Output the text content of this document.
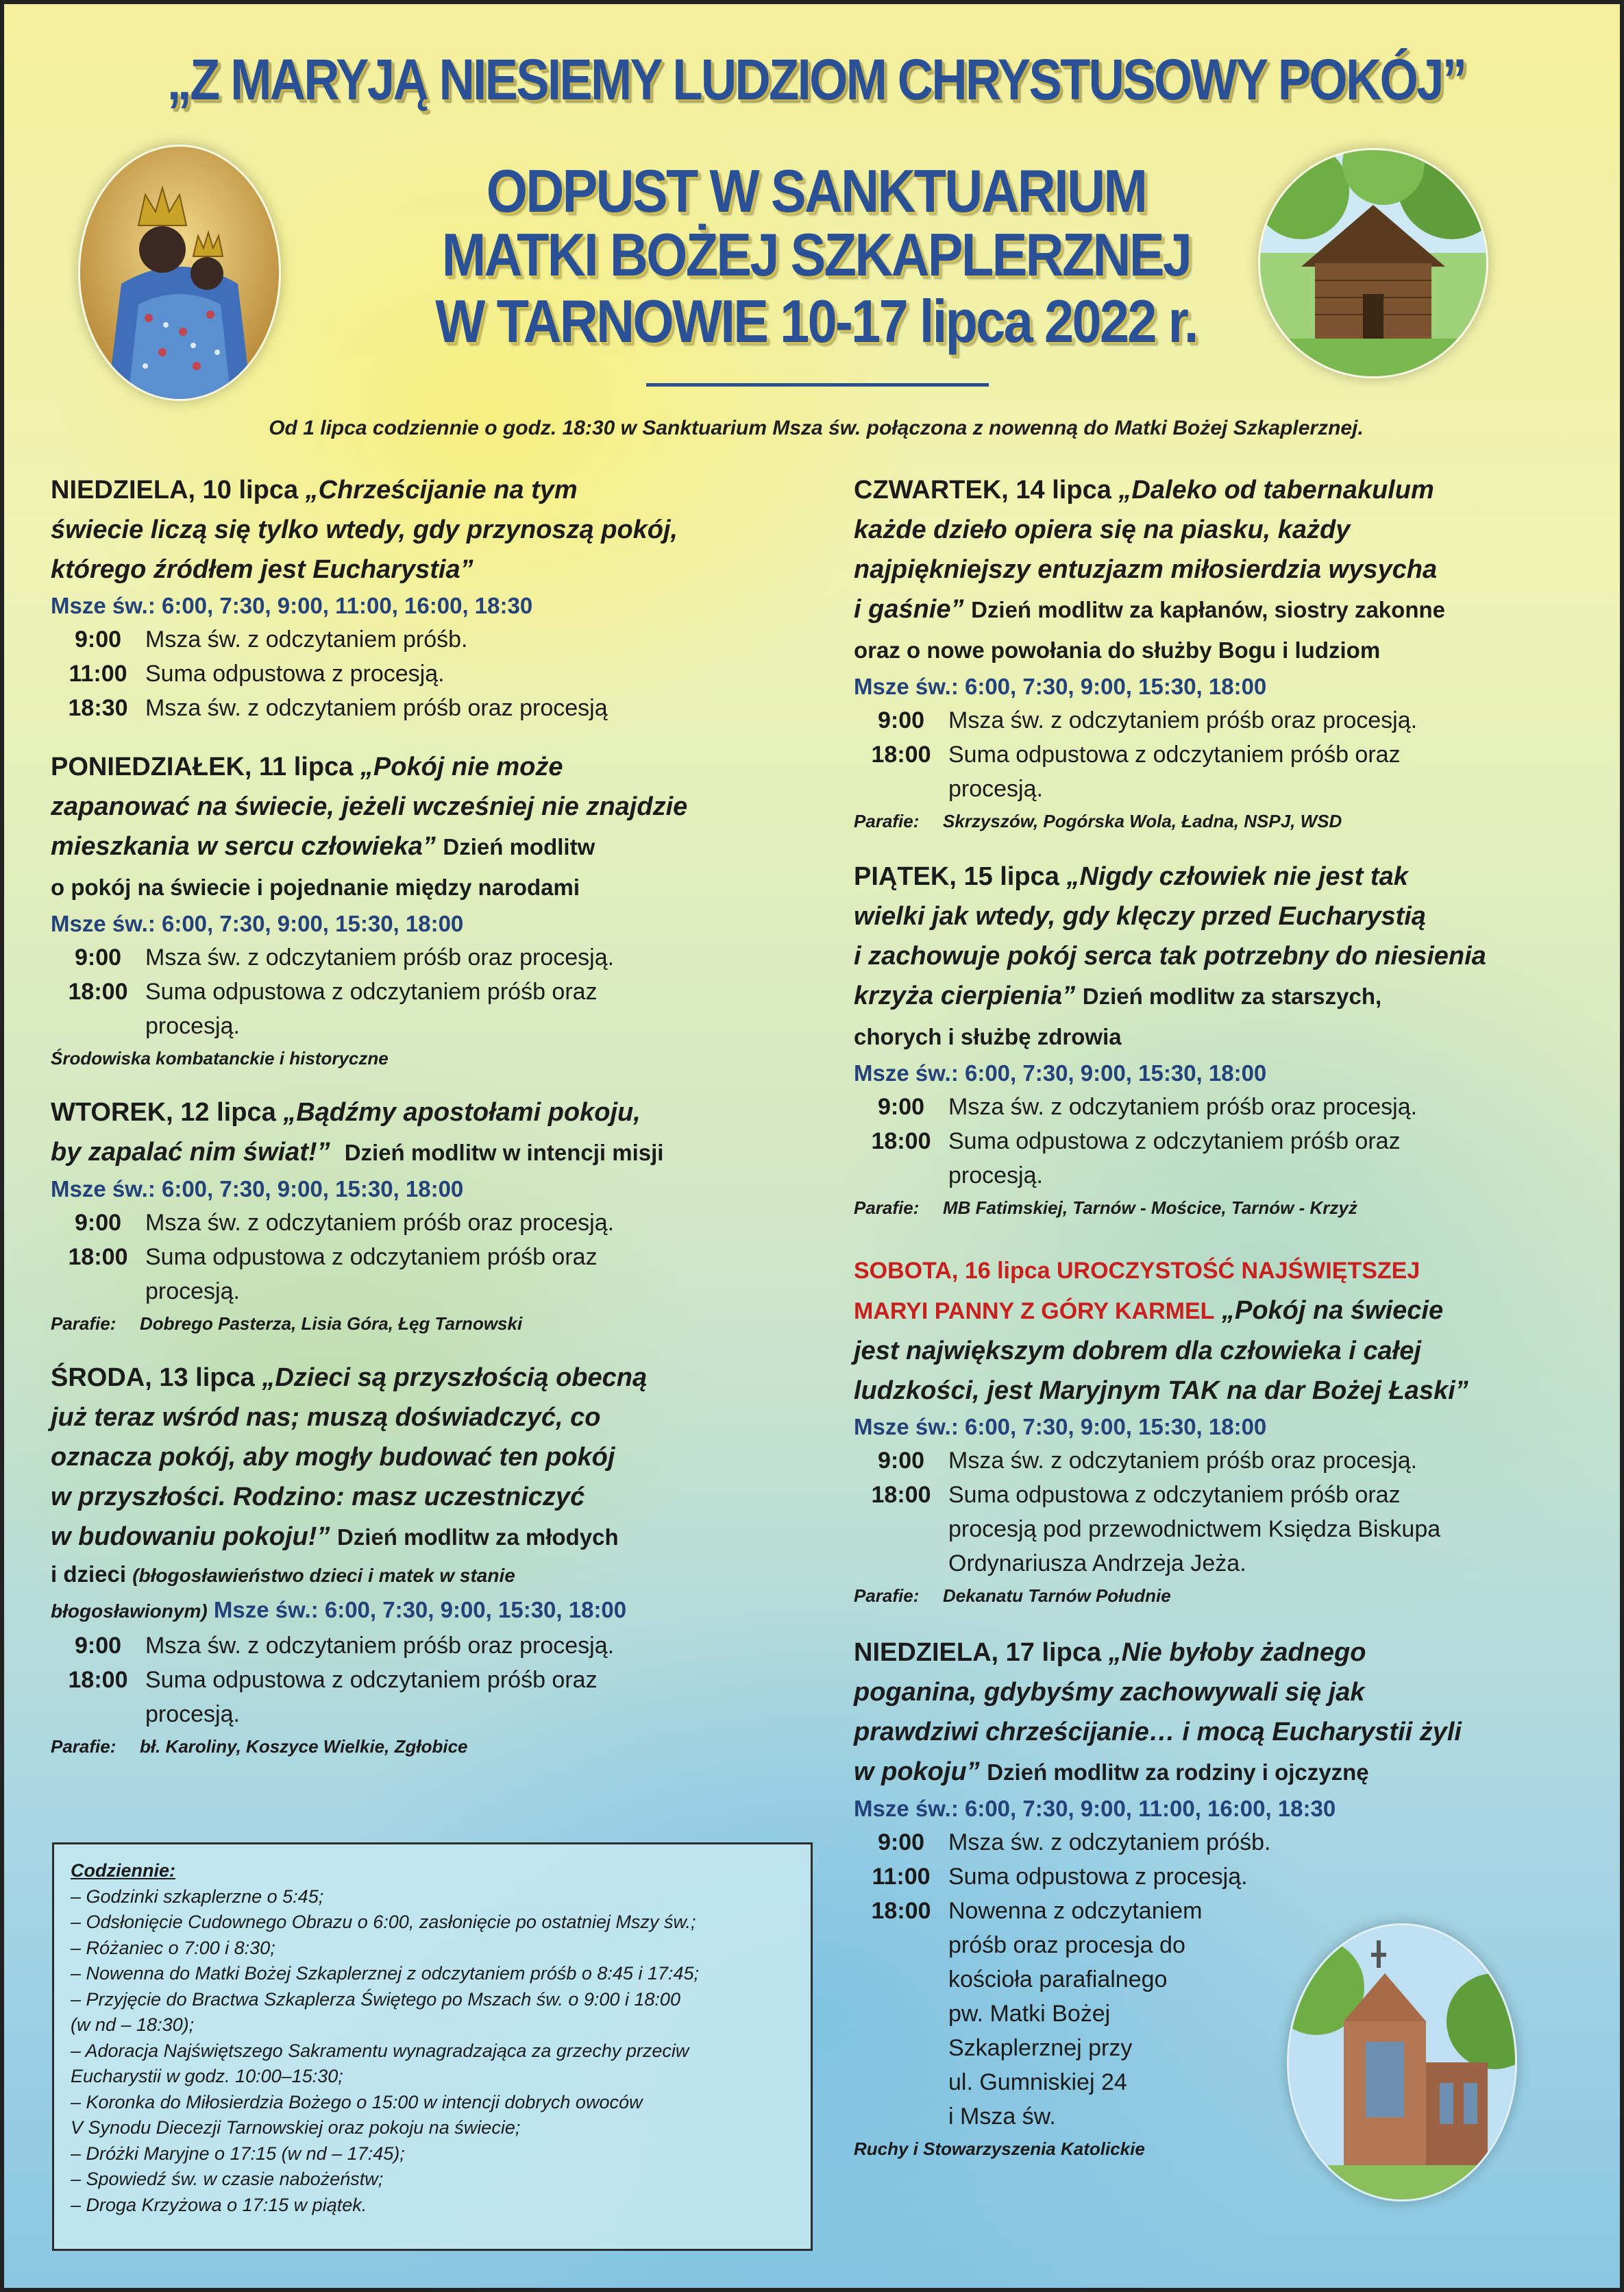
„Z MARYJĄ NIESIEMY LUDZIOM CHRYSTUSOWY POKÓJ”
ODPUST W SANKTUARIUM
MATKI BOŻEJ SZKAPLERZNEJ
W TARNOWIE 10-17 lipca 2022 r.
Od 1 lipca codziennie o godz. 18:30 w Sanktuarium Msza św. połączona z nowenną do Matki Bożej Szkaplerznej.
NIEDZIELA, 10 lipca „Chrześcijanie na tym
świecie liczą się tylko wtedy, gdy przynoszą pokój,
którego źródłem jest Eucharystia”
Msze św.: 6:00, 7:30, 9:00, 11:00, 16:00, 18:30
9:00	Msza św. z odczytaniem próśb.
11:00 Suma odpustowa z procesją.
18:30 Msza św. z odczytaniem próśb oraz procesją
PONIEDZIAŁEK, 11 lipca „Pokój nie może
zapanować na świecie, jeżeli wcześniej nie znajdzie
mieszkania w sercu człowieka” Dzień modlitw
o pokój na świecie i pojednanie między narodami
Msze św.: 6:00, 7:30, 9:00, 15:30, 18:00
9:00	Msza św. z odczytaniem próśb oraz procesją.
18:00 Suma odpustowa z odczytaniem próśb oraz
procesją.
Środowiska kombatanckie i historyczne
WTOREK, 12 lipca „Bądźmy apostołami pokoju,
by zapalać nim świat!” Dzień modlitw w intencji misji
Msze św.: 6:00, 7:30, 9:00, 15:30, 18:00
9:00	Msza św. z odczytaniem próśb oraz procesją.
18:00 Suma odpustowa z odczytaniem próśb oraz
procesją.
Parafie: Dobrego Pasterza, Lisia Góra, Łęg Tarnowski
ŚRODA, 13 lipca „Dzieci są przyszłością obecną
już teraz wśród nas; muszą doświadczyć, co
oznacza pokój, aby mogły budować ten pokój
w przyszłości. Rodzino: masz uczestniczyć
w budowaniu pokoju!” Dzień modlitw za młodych
i dzieci (błogosławieństwo dzieci i matek w stanie
błogosławionym) Msze św.: 6:00, 7:30, 9:00, 15:30, 18:00
9:00	Msza św. z odczytaniem próśb oraz procesją.
18:00 Suma odpustowa z odczytaniem próśb oraz
procesją.
Parafie: bł. Karoliny, Koszyce Wielkie, Zgłobice
CZWARTEK, 14 lipca „Daleko od tabernakulum
każde dzieło opiera się na piasku, każdy
najpiękniejszy entuzjazm miłosierdzia wysycha
i gaśnie” Dzień modlitw za kapłanów, siostry zakonne
oraz o nowe powołania do służby Bogu i ludziom
Msze św.: 6:00, 7:30, 9:00, 15:30, 18:00
9:00	Msza św. z odczytaniem próśb oraz procesją.
18:00 Suma odpustowa z odczytaniem próśb oraz
procesją.
Parafie: Skrzyszów, Pogórska Wola, Ładna, NSPJ, WSD
PIĄTEK, 15 lipca „Nigdy człowiek nie jest tak
wielki jak wtedy, gdy klęczy przed Eucharystią
i zachowuje pokój serca tak potrzebny do niesienia
krzyża cierpienia” Dzień modlitw za starszych,
chorych i służbę zdrowia
Msze św.: 6:00, 7:30, 9:00, 15:30, 18:00
9:00	Msza św. z odczytaniem próśb oraz procesją.
18:00 Suma odpustowa z odczytaniem próśb oraz
procesją.
Parafie: MB Fatimskiej, Tarnów - Mościce, Tarnów - Krzyż
SOBOTA, 16 lipca UROCZYSTOŚĆ NAJŚWIĘTSZEJ
MARYI PANNY Z GÓRY KARMEL „Pokój na świecie
jest największym dobrem dla człowieka i całej
ludzkości, jest Maryjnym TAK na dar Bożej Łaski”
Msze św.: 6:00, 7:30, 9:00, 15:30, 18:00
9:00	Msza św. z odczytaniem próśb oraz procesją.
18:00 Suma odpustowa z odczytaniem próśb oraz
procesją pod przewodnictwem Księdza Biskupa
Ordynariusza Andrzeja Jeża.
Parafie: Dekanatu Tarnów Południe
NIEDZIELA, 17 lipca „Nie byłoby żadnego
poganina, gdybyśmy zachowywali się jak
prawdziwi chrześcijanie… i mocą Eucharystii żyli
w pokoju” Dzień modlitw za rodziny i ojczyznę
Msze św.: 6:00, 7:30, 9:00, 11:00, 16:00, 18:30
9:00	Msza św. z odczytaniem próśb.
11:00 Suma odpustowa z procesją.
18:00 Nowenna z odczytaniem
próśb oraz procesja do
kościoła parafialnego
pw. Matki Bożej
Szkaplerznej przy
ul. Gumniskiej 24
i Msza św.
Ruchy i Stowarzyszenia Katolickie
Codziennie:
– Godzinki szkaplerzne o 5:45;
– Odsłonięcie Cudownego Obrazu o 6:00, zasłonięcie po ostatniej Mszy św.;
– Różaniec o 7:00 i 8:30;
– Nowenna do Matki Bożej Szkaplerznej z odczytaniem próśb o 8:45 i 17:45;
– Przyjęcie do Bractwa Szkaplerza Świętego po Mszach św. o 9:00 i 18:00
(w nd – 18:30);
– Adoracja Najświętszego Sakramentu wynagradzająca za grzechy przeciw
Eucharystii w godz. 10:00–15:30;
– Koronka do Miłosierdzia Bożego o 15:00 w intencji dobrych owoców
V Synodu Diecezji Tarnowskiej oraz pokoju na świecie;
– Dróżki Maryjne o 17:15 (w nd – 17:45);
– Spowiedź św. w czasie nabożeństw;
– Droga Krzyżowa o 17:15 w piątek.
